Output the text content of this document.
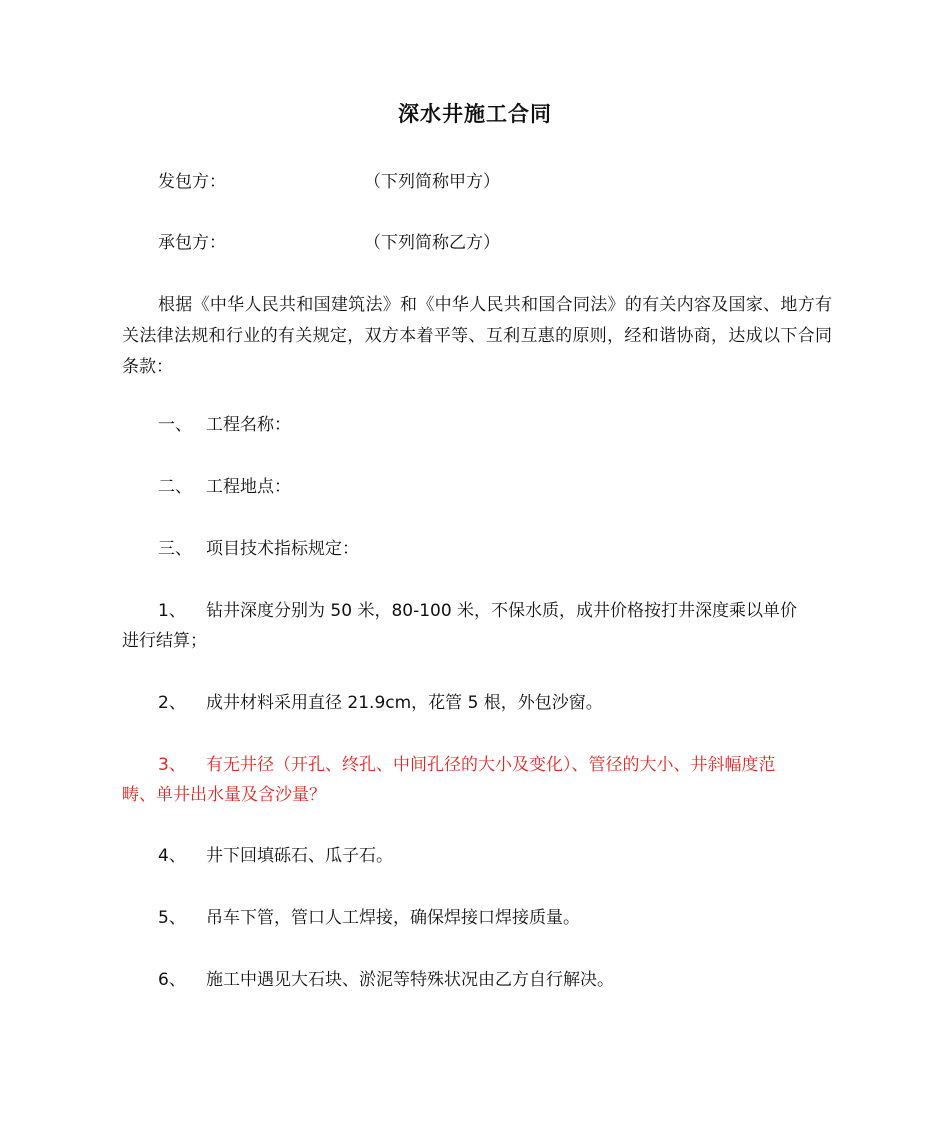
深水井施工合同
发包方：	（下列简称甲方）
承包方：	（下列简称乙方）
根据《中华人民共和国建筑法》和《中华人民共和国合同法》的有关内容及国家、地方有关法律法规和行业的有关规定，双方本着平等、互利互惠的原则，经和谐协商，达成以下合同条款：
一、 工程名称：
二、 工程地点：
三、 项目技术指标规定：
1、 钻井深度分别为 50 米，80-100 米，不保水质，成井价格按打井深度乘以单价
进行结算；
2、 成井材料采用直径 21.9cm，花管 5 根，外包沙窗。
3、 有无井径（开孔、终孔、中间孔径的大小及变化）、管径的大小、井斜幅度范
畴、单井出水量及含沙量？
4、 井下回填砾石、瓜子石。
5、 吊车下管，管口人工焊接，确保焊接口焊接质量。
6、 施工中遇见大石块、淤泥等特殊状况由乙方自行解决。
